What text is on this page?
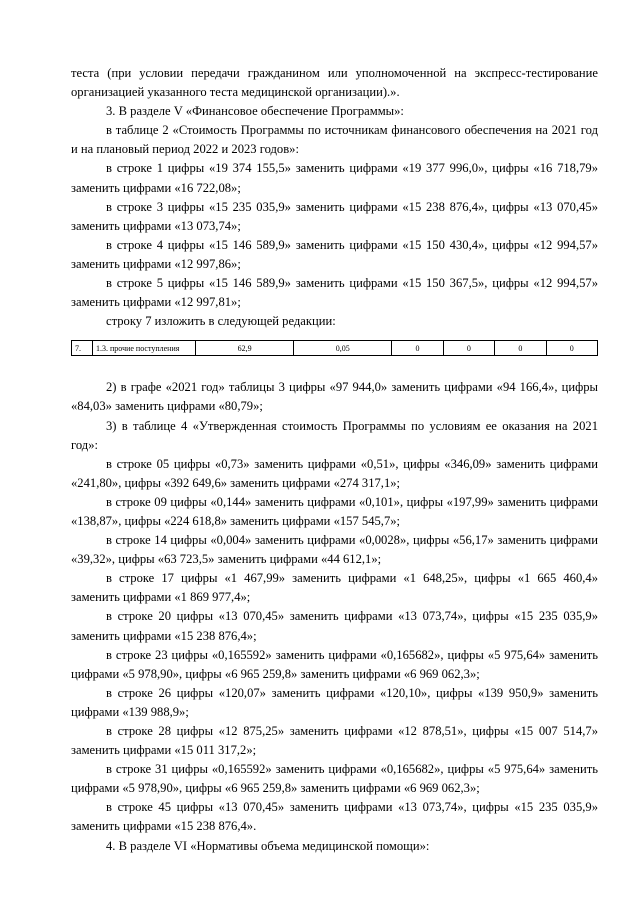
теста (при условии передачи гражданином или уполномоченной на экспресс-тестирование организацией указанного теста медицинской организации).».

3. В разделе V «Финансовое обеспечение Программы»:

в таблице 2 «Стоимость Программы по источникам финансового обеспечения на 2021 год и на плановый период 2022 и 2023 годов»:

в строке 1 цифры «19 374 155,5» заменить цифрами «19 377 996,0», цифры «16 718,79» заменить цифрами «16 722,08»;

в строке 3 цифры «15 235 035,9» заменить цифрами «15 238 876,4», цифры «13 070,45» заменить цифрами «13 073,74»;

в строке 4 цифры «15 146 589,9» заменить цифрами «15 150 430,4», цифры «12 994,57» заменить цифрами «12 997,86»;

в строке 5 цифры «15 146 589,9» заменить цифрами «15 150 367,5», цифры «12 994,57» заменить цифрами «12 997,81»;

строку 7 изложить в следующей редакции:

7.	1.3. прочие поступления	62,9	0,05	0	0	0	0

2) в графе «2021 год» таблицы 3 цифры «97 944,0» заменить цифрами «94 166,4», цифры «84,03» заменить цифрами «80,79»;

3) в таблице 4 «Утвержденная стоимость Программы по условиям ее оказания на 2021 год»:

в строке 05 цифры «0,73» заменить цифрами «0,51», цифры «346,09» заменить цифрами «241,80», цифры «392 649,6» заменить цифрами «274 317,1»;

в строке 09 цифры «0,144» заменить цифрами «0,101», цифры «197,99» заменить цифрами «138,87», цифры «224 618,8» заменить цифрами «157 545,7»;

в строке 14 цифры «0,004» заменить цифрами «0,0028», цифры «56,17» заменить цифрами «39,32», цифры «63 723,5» заменить цифрами «44 612,1»;

в строке 17 цифры «1 467,99» заменить цифрами «1 648,25», цифры «1 665 460,4» заменить цифрами «1 869 977,4»;

в строке 20 цифры «13 070,45» заменить цифрами «13 073,74», цифры «15 235 035,9» заменить цифрами «15 238 876,4»;

в строке 23 цифры «0,165592» заменить цифрами «0,165682», цифры «5 975,64» заменить цифрами «5 978,90», цифры «6 965 259,8» заменить цифрами «6 969 062,3»;

в строке 26 цифры «120,07» заменить цифрами «120,10», цифры «139 950,9» заменить цифрами «139 988,9»;

в строке 28 цифры «12 875,25» заменить цифрами «12 878,51», цифры «15 007 514,7» заменить цифрами «15 011 317,2»;

в строке 31 цифры «0,165592» заменить цифрами «0,165682», цифры «5 975,64» заменить цифрами «5 978,90», цифры «6 965 259,8» заменить цифрами «6 969 062,3»;

в строке 45 цифры «13 070,45» заменить цифрами «13 073,74», цифры «15 235 035,9» заменить цифрами «15 238 876,4».

4. В разделе VI «Нормативы объема медицинской помощи»:
